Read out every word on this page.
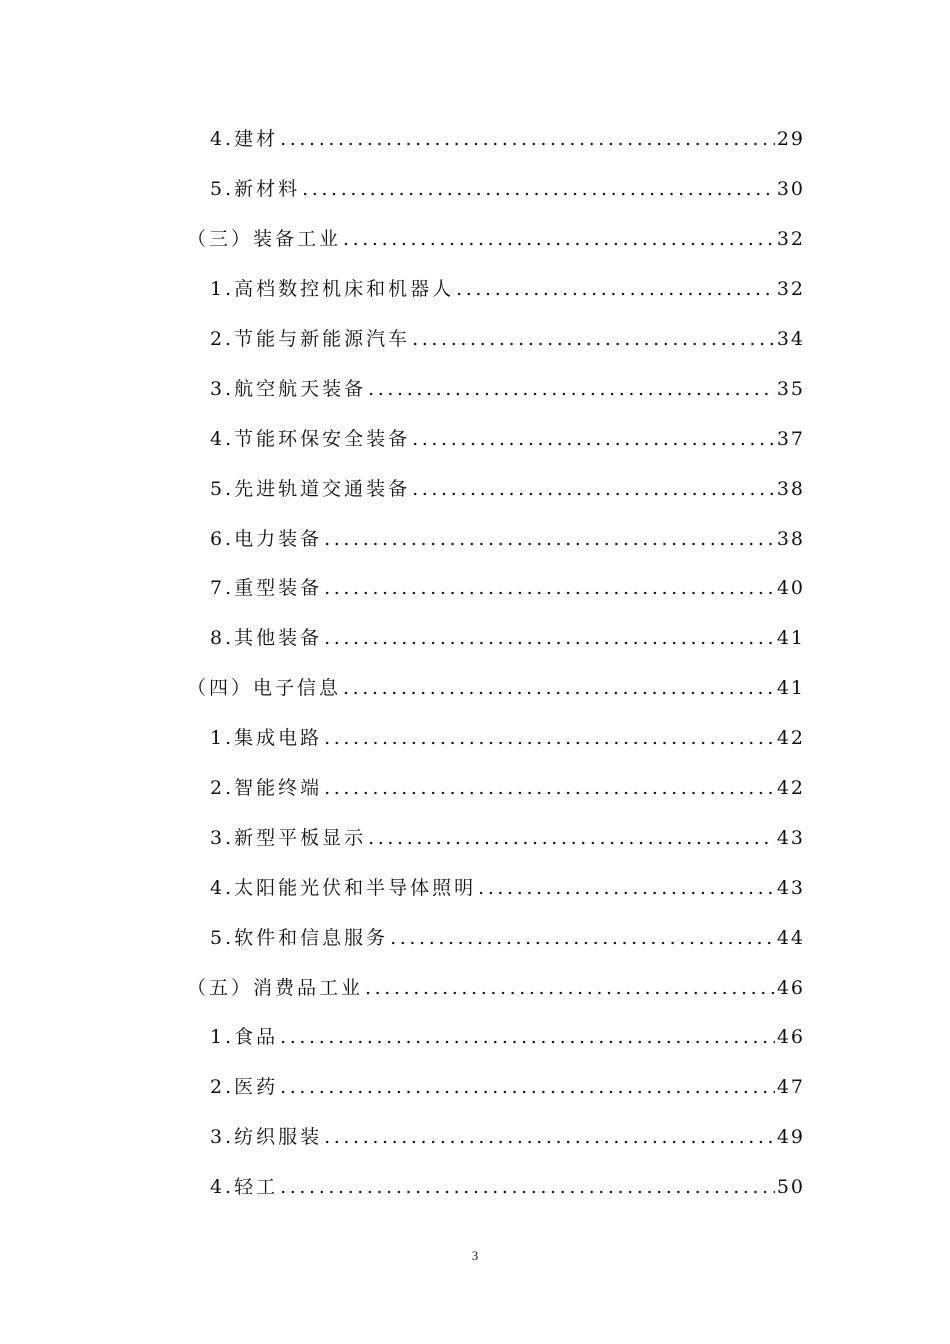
4.建材 .....	29
5.新材料 .....	30
（三）装备工业 .....	32
1.高档数控机床和机器人 .....	32
2.节能与新能源汽车 .....	34
3.航空航天装备 .....	35
4.节能环保安全装备 .....	37
5.先进轨道交通装备 .....	38
6.电力装备 .....	38
7.重型装备 .....	40
8.其他装备 .....	41
（四）电子信息 .....	41
1.集成电路 .....	42
2.智能终端 .....	42
3.新型平板显示 .....	43
4.太阳能光伏和半导体照明 .....	43
5.软件和信息服务 .....	44
（五）消费品工业 .....	46
1.食品 .....	46
2.医药 .....	47
3.纺织服装 .....	49
4.轻工 .....	50
3
